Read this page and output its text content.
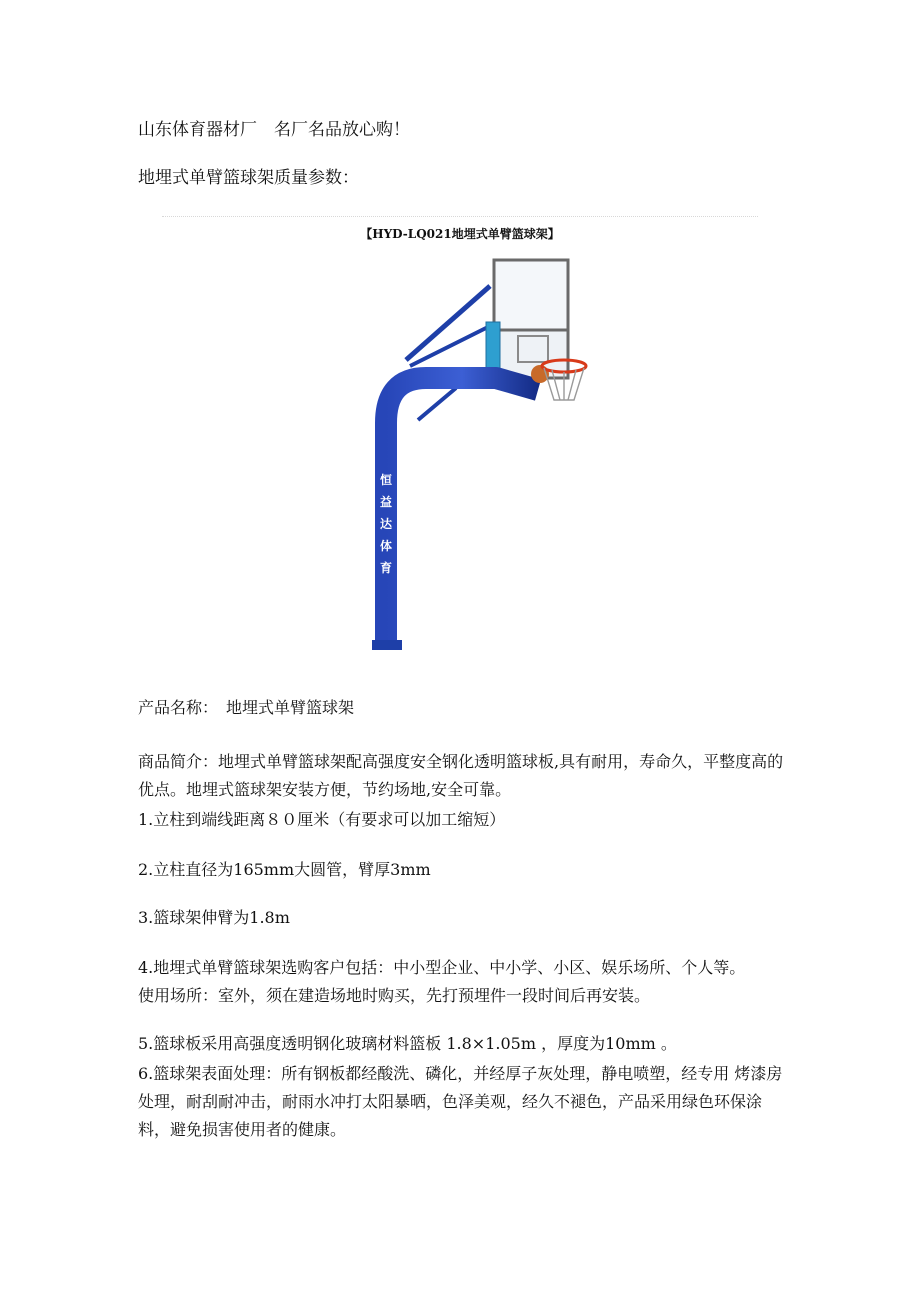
山东体育器材厂　名厂名品放心购！
地埋式单臂篮球架质量参数：
【HYD-LQ021地埋式单臂篮球架】
恒
益
达
体
育
产品名称：　地埋式单臂篮球架
商品简介：地埋式单臂篮球架配高强度安全钢化透明篮球板,具有耐用，寿命久，平整度高的优点。地埋式篮球架安装方便，节约场地,安全可靠。
1.立柱到端线距离８０厘米（有要求可以加工缩短）
2.立柱直径为165mm大圆管，臂厚3mm
3.篮球架伸臂为1.8m
4.地埋式单臂篮球架选购客户包括：中小型企业、中小学、小区、娱乐场所、个人等。
使用场所：室外，须在建造场地时购买，先打预埋件一段时间后再安装。
5.篮球板采用高强度透明钢化玻璃材料篮板 1.8×1.05m ，厚度为10mm 。
6.篮球架表面处理：所有钢板都经酸洗、磷化，并经厚子灰处理，静电喷塑，经专用 烤漆房处理，耐刮耐冲击，耐雨水冲打太阳暴晒，色泽美观，经久不褪色，产品采用绿色环保涂料，避免损害使用者的健康。
